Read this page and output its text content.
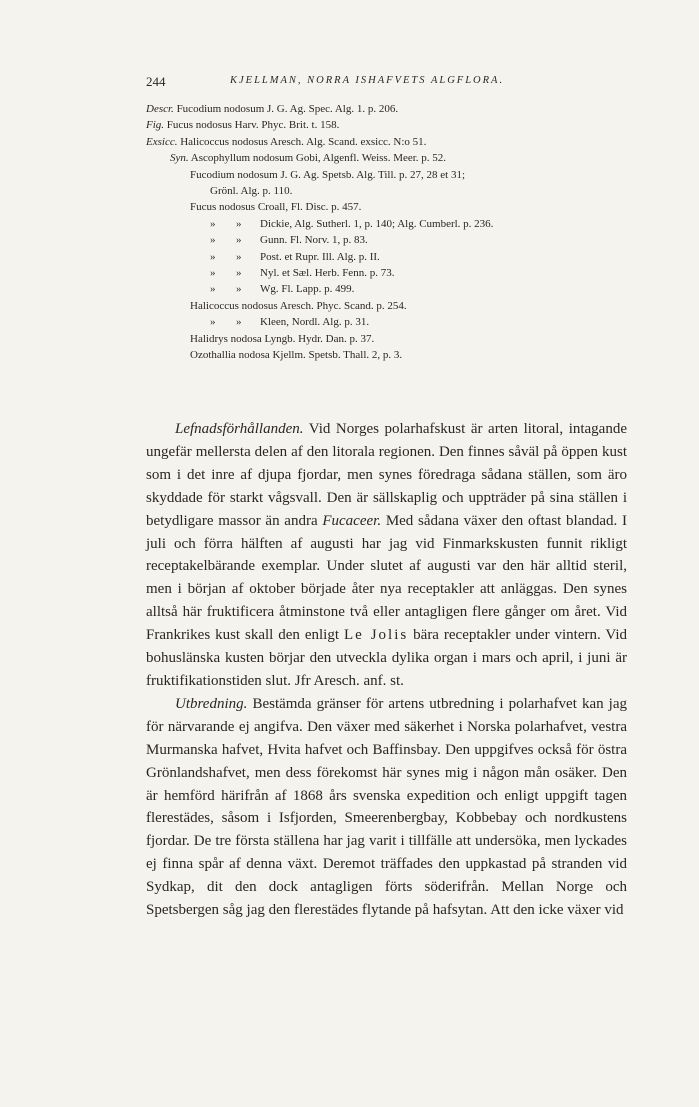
244	KJELLMAN, NORRA ISHAFVETS ALGFLORA.
Descr. Fucodium nodosum J. G. Ag. Spec. Alg. 1. p. 206.
Fig. Fucus nodosus Harv. Phyc. Brit. t. 158.
Exsicc. Halicoccus nodosus Aresch. Alg. Scand. exsicc. N:o 51.
Syn. Ascophyllum nodosum Gobi, Algenfl. Weiss. Meer. p. 52.
Fucodium nodosum J. G. Ag. Spetsb. Alg. Till. p. 27, 28 et 31;
Grönl. Alg. p. 110.
Fucus nodosus Croall, Fl. Disc. p. 457.
» » Dickie, Alg. Sutherl. 1, p. 140; Alg. Cumberl. p. 236.
» » Gunn. Fl. Norv. 1, p. 83.
» » Post. et Rupr. Ill. Alg. p. II.
» » Nyl. et Sæl. Herb. Fenn. p. 73.
» » Wg. Fl. Lapp. p. 499.
Halicoccus nodosus Aresch. Phyc. Scand. p. 254.
» » Kleen, Nordl. Alg. p. 31.
Halidrys nodosa Lyngb. Hydr. Dan. p. 37.
Ozothallia nodosa Kjellm. Spetsb. Thall. 2, p. 3.

Lefnadsförhållanden. Vid Norges polarhafskust är arten litoral, intagande ungefär mellersta delen af den litorala regionen. Den finnes såväl på öppen kust som i det inre af djupa fjordar, men synes föredraga sådana ställen, som äro skyddade för starkt vågsvall. Den är sällskaplig och uppträder på sina ställen i betydligare massor än andra Fucaceer. Med sådana växer den oftast blandad. I juli och förra hälften af augusti har jag vid Finmarkskusten funnit rikligt receptakelbärande exemplar. Under slutet af augusti var den här alltid steril, men i början af oktober började åter nya receptakler att anläggas. Den synes alltså här fruktificera åtminstone två eller antagligen flere gånger om året. Vid Frankrikes kust skall den enligt Le Jolis bära receptakler under vintern. Vid bohuslänska kusten börjar den utveckla dylika organ i mars och april, i juni är fruktifikationstiden slut. Jfr Aresch. anf. st.

Utbredning. Bestämda gränser för artens utbredning i polarhafvet kan jag för närvarande ej angifva. Den växer med säkerhet i Norska polarhafvet, vestra Murmanska hafvet, Hvita hafvet och Baffinsbay. Den uppgifves också för östra Grönlandshafvet, men dess förekomst här synes mig i någon mån osäker. Den är hemförd härifrån af 1868 års svenska expedition och enligt uppgift tagen flerestädes, såsom i Isfjorden, Smeerenbergbay, Kobbebay och nordkustens fjordar. De tre första ställena har jag varit i tillfälle att undersöka, men lyckades ej finna spår af denna växt. Deremot träffades den uppkastad på stranden vid Sydkap, dit den dock antagligen förts söderifrån. Mellan Norge och Spetsbergen såg jag den flerestädes flytande på hafsytan. Att den icke växer vid
